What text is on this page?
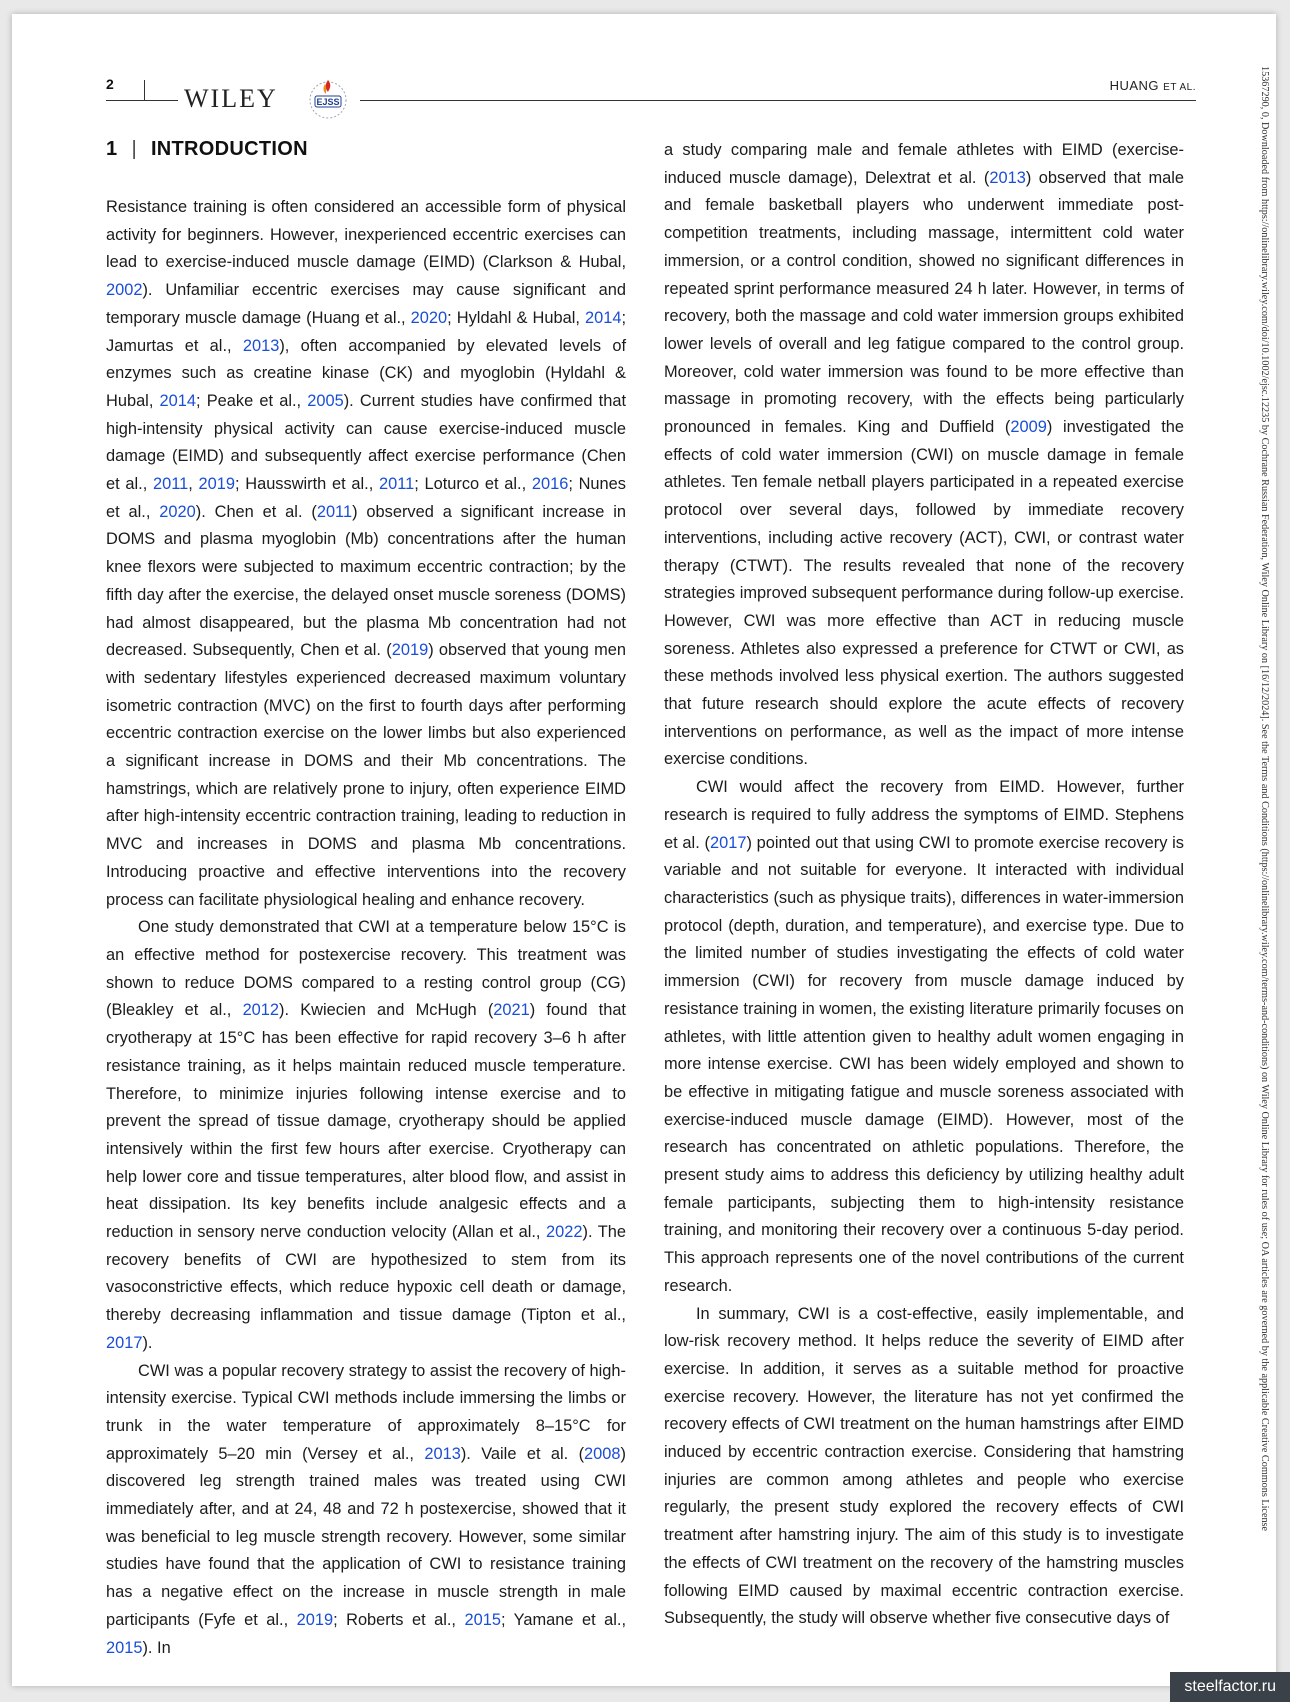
2	WILEY	EJSS
HUANG ET AL.
1 | INTRODUCTION

Resistance training is often considered an accessible form of physical activity for beginners. However, inexperienced eccentric exercises can lead to exercise-induced muscle damage (EIMD) (Clarkson & Hubal, 2002). Unfamiliar eccentric exercises may cause significant and temporary muscle damage (Huang et al., 2020; Hyldahl & Hubal, 2014; Jamurtas et al., 2013), often accompanied by elevated levels of enzymes such as creatine kinase (CK) and myoglobin (Hyldahl & Hubal, 2014; Peake et al., 2005). Current studies have confirmed that high-intensity physical activity can cause exercise-induced muscle damage (EIMD) and subsequently affect exercise performance (Chen et al., 2011, 2019; Hausswirth et al., 2011; Loturco et al., 2016; Nunes et al., 2020). Chen et al. (2011) observed a significant increase in DOMS and plasma myoglobin (Mb) concentrations after the human knee flexors were subjected to maximum eccentric contraction; by the fifth day after the exercise, the delayed onset muscle soreness (DOMS) had almost disappeared, but the plasma Mb concentration had not decreased. Subsequently, Chen et al. (2019) observed that young men with sedentary lifestyles experienced decreased maximum voluntary isometric contraction (MVC) on the first to fourth days after performing eccentric contraction exercise on the lower limbs but also experienced a significant increase in DOMS and their Mb concentrations. The hamstrings, which are relatively prone to injury, often experience EIMD after high-intensity eccentric contraction training, leading to reduction in MVC and increases in DOMS and plasma Mb concentrations. Introducing proactive and effective interventions into the recovery process can facilitate physiological healing and enhance recovery.

One study demonstrated that CWI at a temperature below 15°C is an effective method for postexercise recovery. This treatment was shown to reduce DOMS compared to a resting control group (CG) (Bleakley et al., 2012). Kwiecien and McHugh (2021) found that cryotherapy at 15°C has been effective for rapid recovery 3–6 h after resistance training, as it helps maintain reduced muscle temperature. Therefore, to minimize injuries following intense exercise and to prevent the spread of tissue damage, cryotherapy should be applied intensively within the first few hours after exercise. Cryotherapy can help lower core and tissue temperatures, alter blood flow, and assist in heat dissipation. Its key benefits include analgesic effects and a reduction in sensory nerve conduction velocity (Allan et al., 2022). The recovery benefits of CWI are hypothesized to stem from its vasoconstrictive effects, which reduce hypoxic cell death or damage, thereby decreasing inflammation and tissue damage (Tipton et al., 2017).

CWI was a popular recovery strategy to assist the recovery of high-intensity exercise. Typical CWI methods include immersing the limbs or trunk in the water temperature of approximately 8–15°C for approximately 5–20 min (Versey et al., 2013). Vaile et al. (2008) discovered leg strength trained males was treated using CWI immediately after, and at 24, 48 and 72 h postexercise, showed that it was beneficial to leg muscle strength recovery. However, some similar studies have found that the application of CWI to resistance training has a negative effect on the increase in muscle strength in male participants (Fyfe et al., 2019; Roberts et al., 2015; Yamane et al., 2015). In

a study comparing male and female athletes with EIMD (exercise-induced muscle damage), Delextrat et al. (2013) observed that male and female basketball players who underwent immediate post-competition treatments, including massage, intermittent cold water immersion, or a control condition, showed no significant differences in repeated sprint performance measured 24 h later. However, in terms of recovery, both the massage and cold water immersion groups exhibited lower levels of overall and leg fatigue compared to the control group. Moreover, cold water immersion was found to be more effective than massage in promoting recovery, with the effects being particularly pronounced in females. King and Duffield (2009) investigated the effects of cold water immersion (CWI) on muscle damage in female athletes. Ten female netball players participated in a repeated exercise protocol over several days, followed by immediate recovery interventions, including active recovery (ACT), CWI, or contrast water therapy (CTWT). The results revealed that none of the recovery strategies improved subsequent performance during follow-up exercise. However, CWI was more effective than ACT in reducing muscle soreness. Athletes also expressed a preference for CTWT or CWI, as these methods involved less physical exertion. The authors suggested that future research should explore the acute effects of recovery interventions on performance, as well as the impact of more intense exercise conditions.

CWI would affect the recovery from EIMD. However, further research is required to fully address the symptoms of EIMD. Stephens et al. (2017) pointed out that using CWI to promote exercise recovery is variable and not suitable for everyone. It interacted with individual characteristics (such as physique traits), differences in water-immersion protocol (depth, duration, and temperature), and exercise type. Due to the limited number of studies investigating the effects of cold water immersion (CWI) for recovery from muscle damage induced by resistance training in women, the existing literature primarily focuses on athletes, with little attention given to healthy adult women engaging in more intense exercise. CWI has been widely employed and shown to be effective in mitigating fatigue and muscle soreness associated with exercise-induced muscle damage (EIMD). However, most of the research has concentrated on athletic populations. Therefore, the present study aims to address this deficiency by utilizing healthy adult female participants, subjecting them to high-intensity resistance training, and monitoring their recovery over a continuous 5-day period. This approach represents one of the novel contributions of the current research.

In summary, CWI is a cost-effective, easily implementable, and low-risk recovery method. It helps reduce the severity of EIMD after exercise. In addition, it serves as a suitable method for proactive exercise recovery. However, the literature has not yet confirmed the recovery effects of CWI treatment on the human hamstrings after EIMD induced by eccentric contraction exercise. Considering that hamstring injuries are common among athletes and people who exercise regularly, the present study explored the recovery effects of CWI treatment after hamstring injury. The aim of this study is to investigate the effects of CWI treatment on the recovery of the hamstring muscles following EIMD caused by maximal eccentric contraction exercise. Subsequently, the study will observe whether five consecutive days of

15367290, 0, Downloaded from https://onlinelibrary.wiley.com/doi/10.1002/ejsc.12235 by Cochrane Russian Federation, Wiley Online Library on [16/12/2024]. See the Terms and Conditions (https://onlinelibrary.wiley.com/terms-and-conditions) on Wiley Online Library for rules of use; OA articles are governed by the applicable Creative Commons License
steelfactor.ru
